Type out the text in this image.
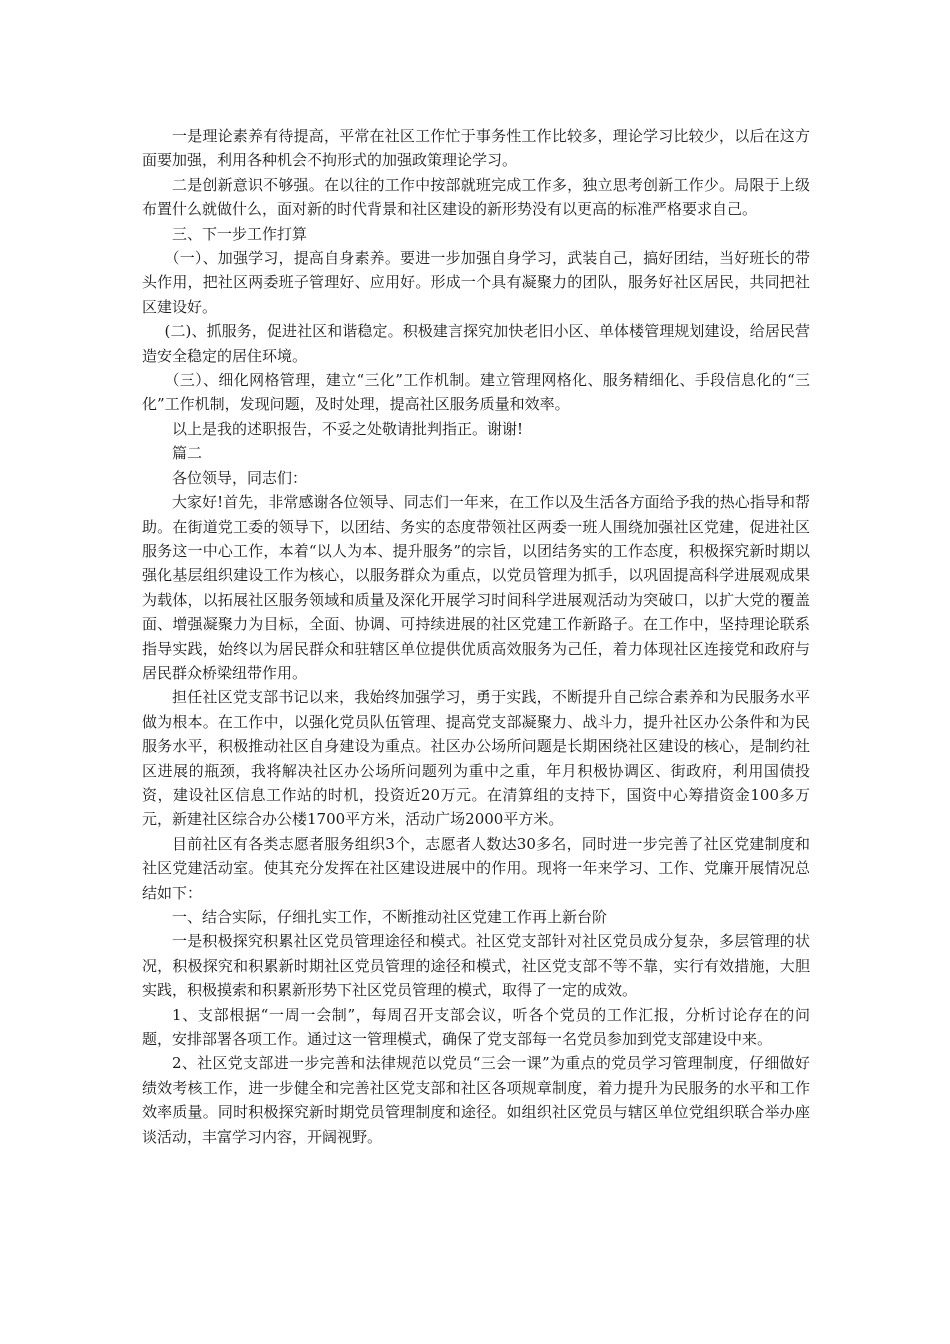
一是理论素养有待提高，平常在社区工作忙于事务性工作比较多，理论学习比较少，以后在这方面要加强，利用各种机会不拘形式的加强政策理论学习。

二是创新意识不够强。在以往的工作中按部就班完成工作多，独立思考创新工作少。局限于上级布置什么就做什么，面对新的时代背景和社区建设的新形势没有以更高的标准严格要求自己。

三、下一步工作打算

（一）、加强学习，提高自身素养。要进一步加强自身学习，武装自己，搞好团结，当好班长的带头作用，把社区两委班子管理好、应用好。形成一个具有凝聚力的团队，服务好社区居民，共同把社区建设好。

(二)、抓服务，促进社区和谐稳定。积极建言探究加快老旧小区、单体楼管理规划建设，给居民营造安全稳定的居住环境。

（三）、细化网格管理，建立“三化”工作机制。建立管理网格化、服务精细化、手段信息化的“三化”工作机制，发现问题，及时处理，提高社区服务质量和效率。

以上是我的述职报告，不妥之处敬请批判指正。谢谢!

篇二

各位领导，同志们：

大家好!首先，非常感谢各位领导、同志们一年来，在工作以及生活各方面给予我的热心指导和帮助。在街道党工委的领导下，以团结、务实的态度带领社区两委一班人围绕加强社区党建，促进社区服务这一中心工作，本着“以人为本、提升服务”的宗旨，以团结务实的工作态度，积极探究新时期以强化基层组织建设工作为核心，以服务群众为重点，以党员管理为抓手，以巩固提高科学进展观成果为载体，以拓展社区服务领域和质量及深化开展学习时间科学进展观活动为突破口，以扩大党的覆盖面、增强凝聚力为目标，全面、协调、可持续进展的社区党建工作新路子。在工作中，坚持理论联系指导实践，始终以为居民群众和驻辖区单位提供优质高效服务为己任，着力体现社区连接党和政府与居民群众桥梁纽带作用。

担任社区党支部书记以来，我始终加强学习，勇于实践，不断提升自己综合素养和为民服务水平做为根本。在工作中，以强化党员队伍管理、提高党支部凝聚力、战斗力，提升社区办公条件和为民服务水平，积极推动社区自身建设为重点。社区办公场所问题是长期困绕社区建设的核心，是制约社区进展的瓶颈，我将解决社区办公场所问题列为重中之重，年月积极协调区、街政府，利用国债投资，建设社区信息工作站的时机，投资近20万元。在清算组的支持下，国资中心筹措资金100多万元，新建社区综合办公楼1700平方米，活动广场2000平方米。

目前社区有各类志愿者服务组织3个，志愿者人数达30多名，同时进一步完善了社区党建制度和社区党建活动室。使其充分发挥在社区建设进展中的作用。现将一年来学习、工作、党廉开展情况总结如下：

一、结合实际，仔细扎实工作，不断推动社区党建工作再上新台阶

一是积极探究积累社区党员管理途径和模式。社区党支部针对社区党员成分复杂，多层管理的状况，积极探究和积累新时期社区党员管理的途径和模式，社区党支部不等不靠，实行有效措施，大胆实践，积极摸索和积累新形势下社区党员管理的模式，取得了一定的成效。

1、支部根据“一周一会制”，每周召开支部会议，听各个党员的工作汇报，分析讨论存在的问题，安排部署各项工作。通过这一管理模式，确保了党支部每一名党员参加到党支部建设中来。

2、社区党支部进一步完善和法律规范以党员“三会一课”为重点的党员学习管理制度，仔细做好绩效考核工作，进一步健全和完善社区党支部和社区各项规章制度，着力提升为民服务的水平和工作效率质量。同时积极探究新时期党员管理制度和途径。如组织社区党员与辖区单位党组织联合举办座谈活动，丰富学习内容，开阔视野。
